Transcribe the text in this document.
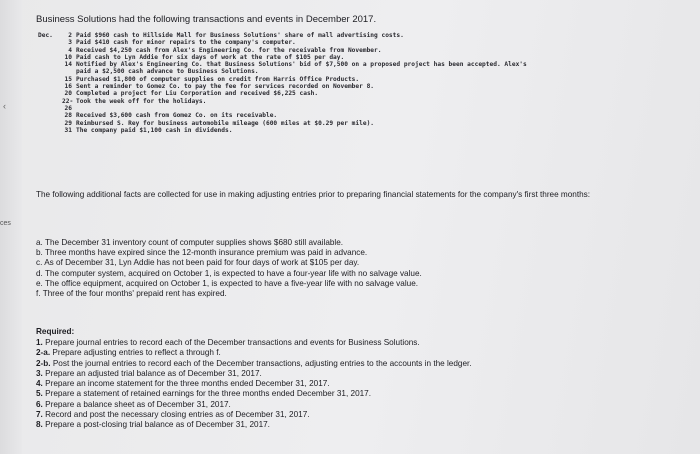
‹
ces
Business Solutions had the following transactions and events in December 2017.
Dec.	2 Paid $960 cash to Hillside Mall for Business Solutions' share of mall advertising costs.
3 Paid $410 cash for minor repairs to the company's computer.
4 Received $4,250 cash from Alex's Engineering Co. for the receivable from November.
10 Paid cash to Lyn Addie for six days of work at the rate of $105 per day.
14 Notified by Alex's Engineering Co. that Business Solutions' bid of $7,500 on a proposed project has been accepted. Alex's
paid a $2,500 cash advance to Business Solutions.
15 Purchased $1,800 of computer supplies on credit from Harris Office Products.
16 Sent a reminder to Gomez Co. to pay the fee for services recorded on November 8.
20 Completed a project for Liu Corporation and received $6,225 cash.
22- Took the week off for the holidays.
26
28 Received $3,600 cash from Gomez Co. on its receivable.
29 Reimbursed S. Rey for business automobile mileage (600 miles at $0.29 per mile).
31 The company paid $1,100 cash in dividends.
The following additional facts are collected for use in making adjusting entries prior to preparing financial statements for the company's first three months:
a. The December 31 inventory count of computer supplies shows $680 still available.
b. Three months have expired since the 12-month insurance premium was paid in advance.
c. As of December 31, Lyn Addie has not been paid for four days of work at $105 per day.
d. The computer system, acquired on October 1, is expected to have a four-year life with no salvage value.
e. The office equipment, acquired on October 1, is expected to have a five-year life with no salvage value.
f. Three of the four months' prepaid rent has expired.
Required:
1. Prepare journal entries to record each of the December transactions and events for Business Solutions.
2-a. Prepare adjusting entries to reflect a through f.
2-b. Post the journal entries to record each of the December transactions, adjusting entries to the accounts in the ledger.
3. Prepare an adjusted trial balance as of December 31, 2017.
4. Prepare an income statement for the three months ended December 31, 2017.
5. Prepare a statement of retained earnings for the three months ended December 31, 2017.
6. Prepare a balance sheet as of December 31, 2017.
7. Record and post the necessary closing entries as of December 31, 2017.
8. Prepare a post-closing trial balance as of December 31, 2017.
